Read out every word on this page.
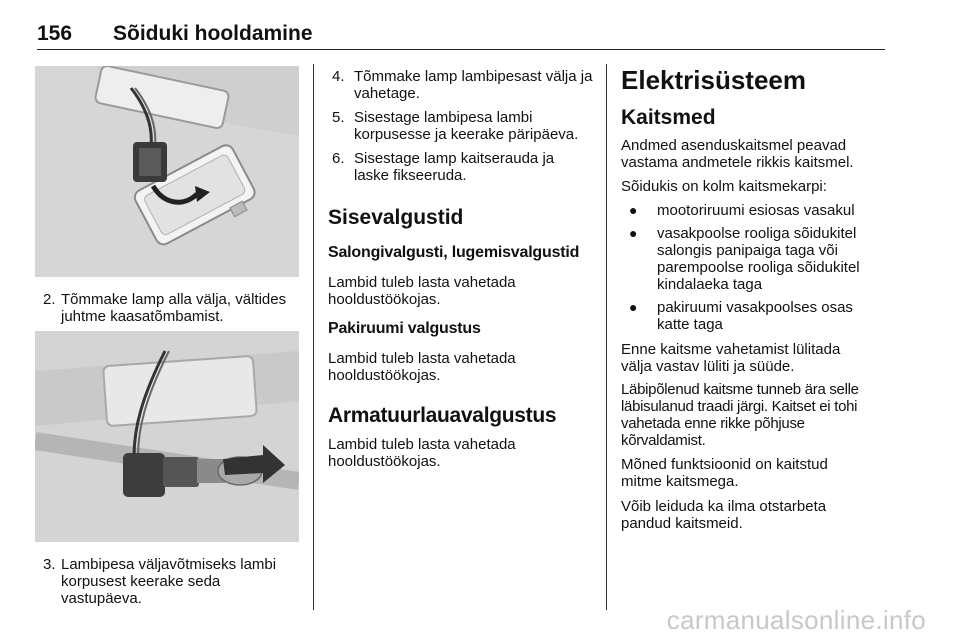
156 Sõiduki hooldamine
2. Tõmmake lamp alla välja, vältides juhtme kaasatõmbamist.
3. Lambipesa väljavõtmiseks lambi korpusest keerake seda vastupäeva.
4. Tõmmake lamp lambipesast välja ja vahetage.
5. Sisestage lambipesa lambi korpusesse ja keerake päripäeva.
6. Sisestage lamp kaitserauda ja laske fikseeruda.
Sisevalgustid
Salongivalgusti, lugemisvalgustid
Lambid tuleb lasta vahetada hooldustöökojas.
Pakiruumi valgustus
Lambid tuleb lasta vahetada hooldustöökojas.
Armatuurlauavalgustus
Lambid tuleb lasta vahetada hooldustöökojas.
Elektrisüsteem
Kaitsmed
Andmed asenduskaitsmel peavad vastama andmetele rikkis kaitsmel.
Sõidukis on kolm kaitsmekarpi:
● mootoriruumi esiosas vasakul
● vasakpoolse rooliga sõidukitel salongis panipaiga taga või parempoolse rooliga sõidukitel kindalaeka taga
● pakiruumi vasakpoolses osas katte taga
Enne kaitsme vahetamist lülitada välja vastav lüliti ja süüde.
Läbipõlenud kaitsme tunneb ära selle läbisulanud traadi järgi. Kaitset ei tohi vahetada enne rikke põhjuse kõrvaldamist.
Mõned funktsioonid on kaitstud mitme kaitsmega.
Võib leiduda ka ilma otstarbeta pandud kaitsmeid.
carmanualsonline.info
